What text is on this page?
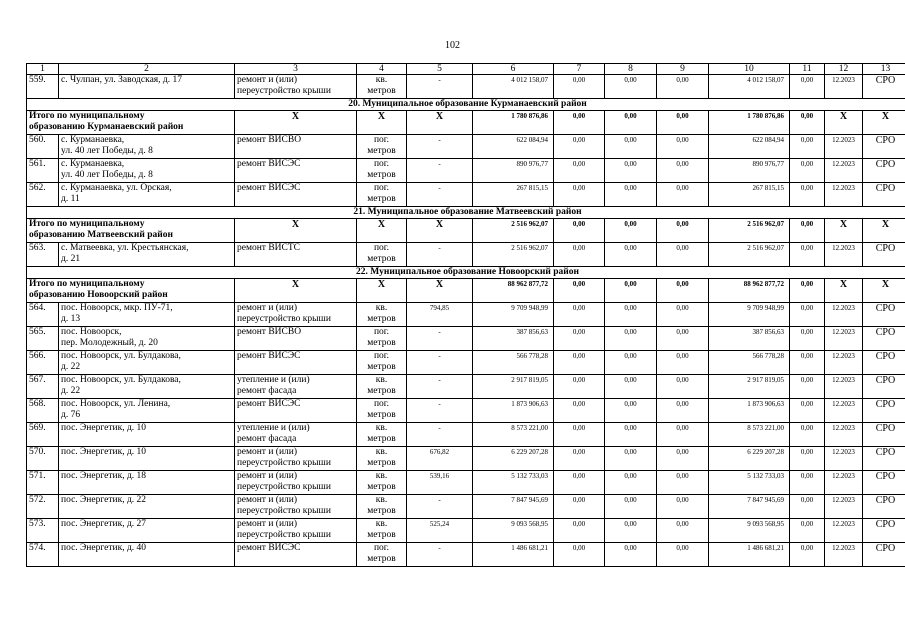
102
1	2	3	4	5	6	7	8	9	10	11	12	13
559.	с. Чулпан, ул. Заводская, д. 17	ремонт и (или)
переустройство крыши	кв.
метров	-	4 012 158,07	0,00	0,00	0,00	4 012 158,07	0,00	12.2023	СРО
20. Муниципальное образование Курманаевский район												

Итого по муниципальному
образованию Курманаевский район		X	X	X	1 780 876,86	0,00	0,00	0,00	1 780 876,86	0,00	X	X
560.	с. Курманаевка,
ул. 40 лет Победы, д. 8	ремонт ВИСВО	пог.
метров	-	622 084,94	0,00	0,00	0,00	622 084,94	0,00	12.2023	СРО
561.	с. Курманаевка,
ул. 40 лет Победы, д. 8	ремонт ВИСЭС	пог.
метров	-	890 976,77	0,00	0,00	0,00	890 976,77	0,00	12.2023	СРО
562.	с. Курманаевка, ул. Орская,
д. 11	ремонт ВИСЭС	пог.
метров	-	267 815,15	0,00	0,00	0,00	267 815,15	0,00	12.2023	СРО
21. Муниципальное образование Матвеевский район												

Итого по муниципальному
образованию Матвеевский район		X	X	X	2 516 962,07	0,00	0,00	0,00	2 516 962,07	0,00	X	X
563.	с. Матвеевка, ул. Крестьянская,
д. 21	ремонт ВИСТС	пог.
метров	-	2 516 962,07	0,00	0,00	0,00	2 516 962,07	0,00	12.2023	СРО
22. Муниципальное образование Новоорский район												

Итого по муниципальному
образованию Новоорский район		X	X	X	88 962 877,72	0,00	0,00	0,00	88 962 877,72	0,00	X	X
564.	пос. Новоорск, мкр. ПУ-71,
д. 13	ремонт и (или)
переустройство крыши	кв.
метров	794,85	9 709 948,99	0,00	0,00	0,00	9 709 948,99	0,00	12.2023	СРО
565.	пос. Новоорск,
пер. Молодежный, д. 20	ремонт ВИСВО	пог.
метров	-	387 856,63	0,00	0,00	0,00	387 856,63	0,00	12.2023	СРО
566.	пос. Новоорск, ул. Булдакова,
д. 22	ремонт ВИСЭС	пог.
метров	-	566 778,28	0,00	0,00	0,00	566 778,28	0,00	12.2023	СРО
567.	пос. Новоорск, ул. Булдакова,
д. 22	утепление и (или)
ремонт фасада	кв.
метров	-	2 917 819,05	0,00	0,00	0,00	2 917 819,05	0,00	12.2023	СРО
568.	пос. Новоорск, ул. Ленина,
д. 76	ремонт ВИСЭС	пог.
метров	-	1 873 906,63	0,00	0,00	0,00	1 873 906,63	0,00	12.2023	СРО
569.	пос. Энергетик, д. 10	утепление и (или)
ремонт фасада	кв.
метров	-	8 573 221,00	0,00	0,00	0,00	8 573 221,00	0,00	12.2023	СРО
570.	пос. Энергетик, д. 10	ремонт и (или)
переустройство крыши	кв.
метров	676,82	6 229 207,28	0,00	0,00	0,00	6 229 207,28	0,00	12.2023	СРО
571.	пос. Энергетик, д. 18	ремонт и (или)
переустройство крыши	кв.
метров	539,16	5 132 733,03	0,00	0,00	0,00	5 132 733,03	0,00	12.2023	СРО
572.	пос. Энергетик, д. 22	ремонт и (или)
переустройство крыши	кв.
метров	-	7 847 945,69	0,00	0,00	0,00	7 847 945,69	0,00	12.2023	СРО
573.	пос. Энергетик, д. 27	ремонт и (или)
переустройство крыши	кв.
метров	525,24	9 093 568,95	0,00	0,00	0,00	9 093 568,95	0,00	12.2023	СРО
574.	пос. Энергетик, д. 40	ремонт ВИСЭС	пог.
метров	-	1 486 681,21	0,00	0,00	0,00	1 486 681,21	0,00	12.2023	СРО
